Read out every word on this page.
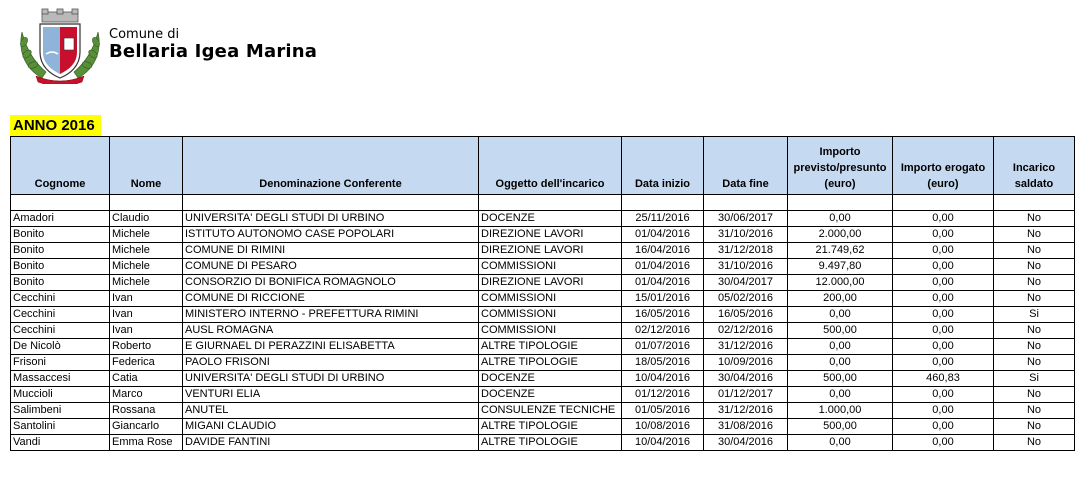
Comune di
Bellaria Igea Marina
ANNO 2016
Cognome	Nome	Denominazione Conferente	Oggetto dell'incarico	Data inizio	Data fine	Importo previsto/presunto (euro)	Importo erogato (euro)	Incarico saldato

Amadori	Claudio	UNIVERSITA' DEGLI STUDI DI URBINO	DOCENZE	25/11/2016	30/06/2017	0,00	0,00	No
Bonito	Michele	ISTITUTO AUTONOMO CASE POPOLARI	DIREZIONE LAVORI	01/04/2016	31/10/2016	2.000,00	0,00	No
Bonito	Michele	COMUNE DI RIMINI	DIREZIONE LAVORI	16/04/2016	31/12/2018	21.749,62	0,00	No
Bonito	Michele	COMUNE DI PESARO	COMMISSIONI	01/04/2016	31/10/2016	9.497,80	0,00	No
Bonito	Michele	CONSORZIO DI BONIFICA ROMAGNOLO	DIREZIONE LAVORI	01/04/2016	30/04/2017	12.000,00	0,00	No
Cecchini	Ivan	COMUNE DI RICCIONE	COMMISSIONI	15/01/2016	05/02/2016	200,00	0,00	No
Cecchini	Ivan	MINISTERO INTERNO - PREFETTURA RIMINI	COMMISSIONI	16/05/2016	16/05/2016	0,00	0,00	Si
Cecchini	Ivan	AUSL ROMAGNA	COMMISSIONI	02/12/2016	02/12/2016	500,00	0,00	No
De Nicolò	Roberto	E GIURNAEL DI PERAZZINI ELISABETTA	ALTRE TIPOLOGIE	01/07/2016	31/12/2016	0,00	0,00	No
Frisoni	Federica	PAOLO FRISONI	ALTRE TIPOLOGIE	18/05/2016	10/09/2016	0,00	0,00	No
Massaccesi	Catia	UNIVERSITA' DEGLI STUDI DI URBINO	DOCENZE	10/04/2016	30/04/2016	500,00	460,83	Si
Muccioli	Marco	VENTURI ELIA	DOCENZE	01/12/2016	01/12/2017	0,00	0,00	No
Salimbeni	Rossana	ANUTEL	CONSULENZE TECNICHE	01/05/2016	31/12/2016	1.000,00	0,00	No
Santolini	Giancarlo	MIGANI CLAUDIO	ALTRE TIPOLOGIE	10/08/2016	31/08/2016	500,00	0,00	No
Vandi	Emma Rose	DAVIDE FANTINI	ALTRE TIPOLOGIE	10/04/2016	30/04/2016	0,00	0,00	No
